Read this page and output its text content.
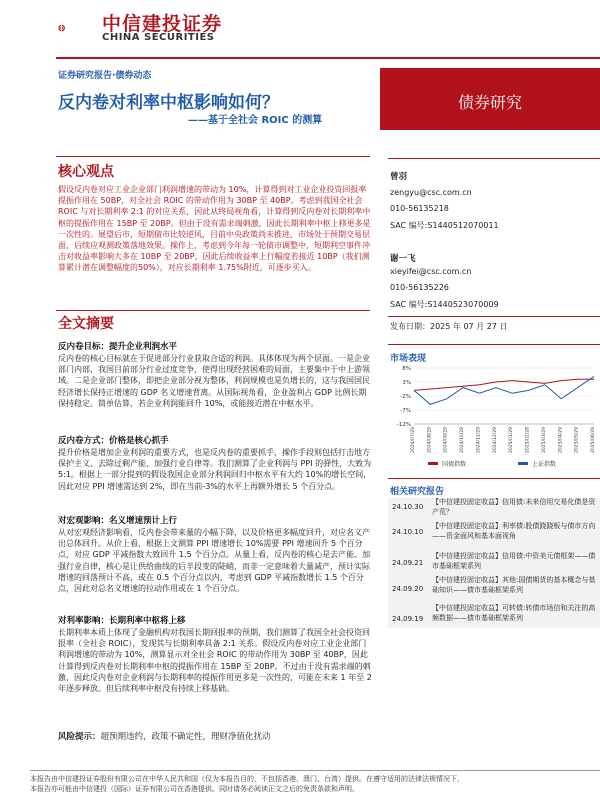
中信建投证券
CHINA SECURITIES
证券研究报告·债券动态
反内卷对利率中枢影响如何？
——基于全社会 ROIC 的测算
债券研究
核心观点
假设反内卷对应工业企业部门利润增速的带动为 10%，计算得到对工业企业投资回报率提振作用在 50BP，对全社会 ROIC 的带动作用为 30BP 至 40BP。考虑到我国全社会 ROIC 与对长期利率 2:1 的对应关系，因此从终局视角看，计算得到反内卷对长期利率中枢的提振作用在 15BP 至 20BP。但由于没有需求端刺激，因此长期利率中枢上移更多是一次性的。展望后市，短期债市比较逆风，目前中央政策尚未推进，市场处于预期交易层面，后续应观测政策落地效果。操作上，考虑到今年每一轮债市调整中，短期利空事件冲击对收益率影响大多在 10BP 至 20BP，因此后续收益率上行幅度若接近 10BP（我们测算累计潜在调整幅度的50%），对应长期利率 1.75%附近，可逐步买入。
全文摘要
反内卷目标：提升企业利润水平
反内卷的核心目标就在于促进部分行业获取合适的利润。具体体现为两个层面。一是企业部门内部，我国目前部分行业过度竞争，使得出现经营困难的局面，主要集中于中上游领域。二是企业部门整体，即把企业部分视为整体，利润规模也是负增长的，这与我国国民经济增长保持正增速的 GDP 名义增速背离。从国际视角看，企业盈利占 GDP 比例长期保持稳定。简单估算，若企业利润能回升 10%，或能接近潜在中枢水平。
反内卷方式：价格是核心抓手
提升价格是增加企业利润的重要方式，也是反内卷的重要抓手，操作手段则包括打击地方保护主义、去除过剩产能、加强行业自律等。我们测算了企业利润与 PPI 的弹性，大致为 5:1。根据上一部分提到的假设我国企业部分利润回归中枢水平有大约 10%的增长空间，因此对应 PPI 增速需达到 2%，即在当前-3%的水平上再额外增长 5 个百分点。
对宏观影响：名义增速预计上行
从对宏观经济影响看，反内卷会带来量的小幅下降，以及价格更多幅度回升，对应名义产出总体回升。从价上看，根据上文测算 PPI 增速增长 10%需要 PPI 增速回升 5 个百分点，对应 GDP 平减指数大致回升 1.5 个百分点。从量上看，反内卷的核心是去产能、加强行业自律，核心是让供给曲线的后半段变的陡峭，而非一定意味着大量减产，预计实际增速的回落预计不高，或在 0.5 个百分点以内，考虑到 GDP 平减指数增长 1.5 个百分点，因此对总名义增速的拉动作用或在 1 个百分点。
对利率影响：长期利率中枢将上移
长期利率本质上体现了金融机构对我国长期回报率的预期，我们测算了我国全社会投资回报率（全社会 ROIC），发现其与长期利率具备 2:1 关系。假设反内卷对应工业企业部门利润增速的带动为 10%，测算显示对全社会 ROIC 的带动作用为 30BP 至 40BP，因此计算得到反内卷对长期利率中枢的提振作用在 15BP 至 20BP。不过由于没有需求端的刺激，因此反内卷对企业利润与长期利率的提振作用更多是一次性的，可能在未来 1 年至 2 年逐步释放。但后续利率中枢没有持续上移基础。
风险提示：超预期违约，政策不确定性，理财净值化扰动
曾羽
zengyu@csc.com.cn
010-56135218
SAC 编号:S1440512070011
谢一飞
xieyifei@csc.com.cn
010-56135226
SAC 编号:S1440523070009
发布日期：2025 年 07 月 27 日
市场表现
8%
3%
-2%
-7%
-12%
2024/07/29	2024/08/29	2024/09/29	2024/10/29	2024/11/29	2024/12/29	2025/01/29	2025/02/28	2025/03/29	2025/04/29	2025/05/29	2025/06/29
国债指数	上证指数
相关研究报告
24.10.30
【中信建投固定收益】信用债:未来信用交易化债是资产荒？
24.10.10
【中信建投固定收益】利率债:股债跷跷板与债市方向——资金面风和基本面视角
24.09.21
【中信建投固定收益】信用债:中资美元债框架——债市基础框架系列
24.09.20
【中信建投固定收益】其他:国债期货的基本概念与基础知识——债市基础框架系列
24.09.19
【中信建投固定收益】可转债:转债市场信和关注的高频数据——债市基础框架系列
本报告由中信建投证券股份有限公司在中华人民共和国（仅为本报告目的，不包括香港、澳门、台湾）提供。在遵守适用的法律法规情况下，
本报告亦可能由中信建投（国际）证券有限公司在香港提供。同时请务必阅读正文之后的免责条款和声明。
